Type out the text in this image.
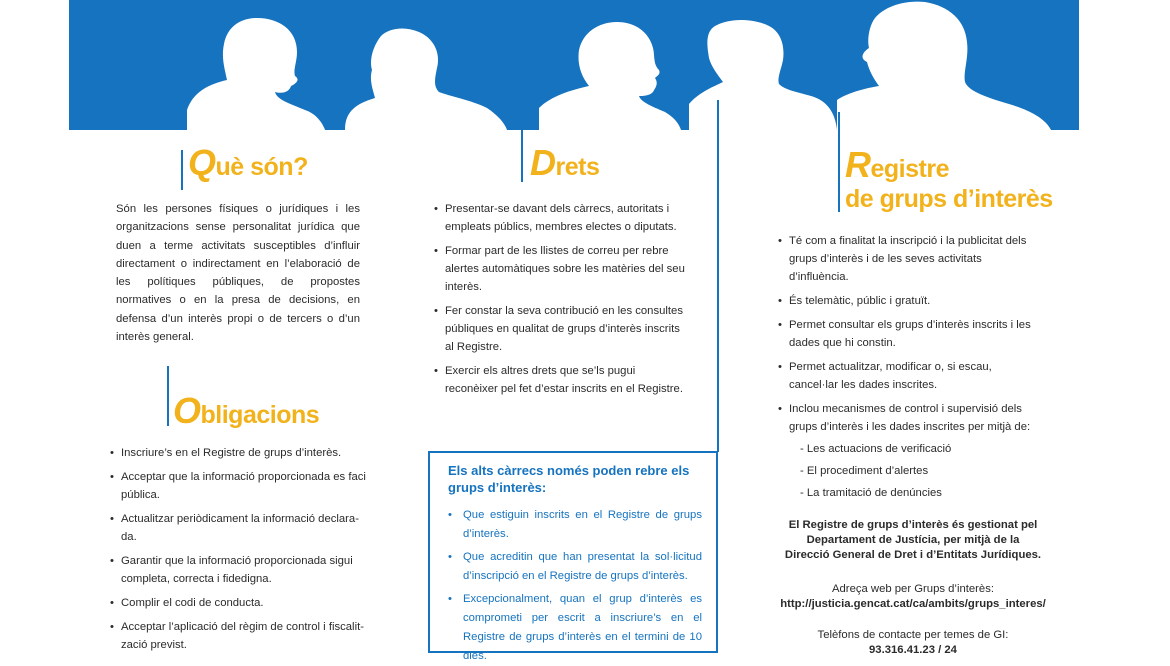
Què són?
Són les persones físiques o jurídiques i les organitzacions sense personalitat jurídica que duen a terme activitats susceptibles d’influir directament o indirectament en l’elaboració de les polítiques públiques, de propostes normatives o en la presa de decisions, en defensa d’un interès propi o de tercers o d’un interès general.
Obligacions
• Inscriure’s en el Registre de grups d’interès.
• Acceptar que la informació proporcionada es faci pública.
• Actualitzar periòdicament la informació declara-da.
• Garantir que la informació proporcionada sigui completa, correcta i fidedigna.
• Complir el codi de conducta.
• Acceptar l’aplicació del règim de control i fiscalit-zació previst.
Drets
• Presentar-se davant dels càrrecs, autoritats i empleats públics, membres electes o diputats.
• Formar part de les llistes de correu per rebre alertes automàtiques sobre les matèries del seu interès.
• Fer constar la seva contribució en les consultes públiques en qualitat de grups d’interès inscrits al Registre.
• Exercir els altres drets que se’ls pugui reconèixer pel fet d’estar inscrits en el Registre.
Els alts càrrecs només poden rebre els grups d’interès:
• Que estiguin inscrits en el Registre de grups d’interès.
• Que acreditin que han presentat la sol·licitud d’inscripció en el Registre de grups d’interès.
• Excepcionalment, quan el grup d’interès es comprometi per escrit a inscriure’s en el Registre de grups d’interès en el termini de 10 dies.
Registre
de grups d’interès
• Té com a finalitat la inscripció i la publicitat dels grups d’interès i de les seves activitats d’influència.
• És telemàtic, públic i gratuït.
• Permet consultar els grups d’interès inscrits i les dades que hi constin.
• Permet actualitzar, modificar o, si escau, cancel·lar les dades inscrites.
• Inclou mecanismes de control i supervisió dels grups d’interès i les dades inscrites per mitjà de:
- Les actuacions de verificació
- El procediment d’alertes
- La tramitació de denúncies
El Registre de grups d’interès és gestionat pel
Departament de Justícia, per mitjà de la
Direcció General de Dret i d’Entitats Jurídiques.
Adreça web per Grups d’interès:
http://justicia.gencat.cat/ca/ambits/grups_interes/
Telèfons de contacte per temes de GI:
93.316.41.23 / 24
